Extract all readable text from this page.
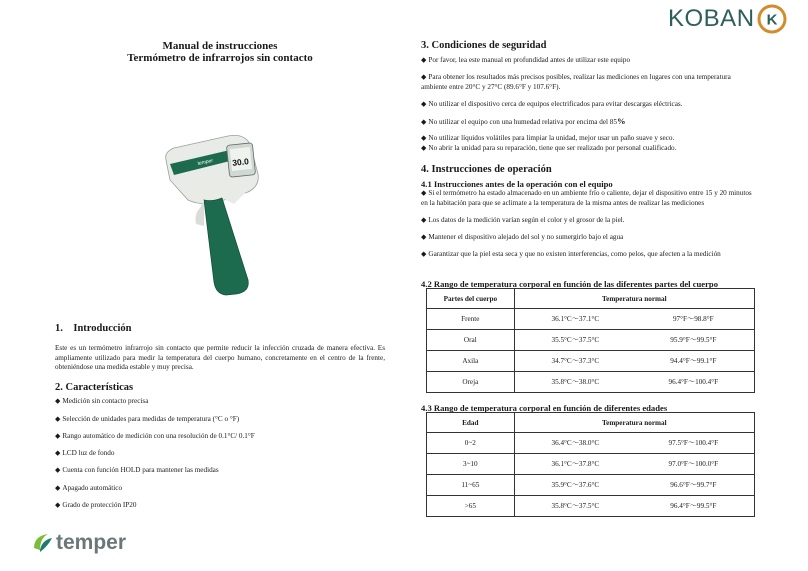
KOBAN K
Manual de instrucciones
Termómetro de infrarrojos sin contacto
temper 30.0
1.    Introducción

Este es un termómetro infrarrojo sin contacto que permite reducir la infección cruzada de manera efectiva. Es ampliamente utilizado para medir la temperatura del cuerpo humano, concretamente en el centro de la frente, obteniéndose una medida estable y muy precisa.

2. Características
◆ Medición sin contacto precisa
◆ Selección de unidades para medidas de temperatura (°C o °F)
◆ Rango automático de medición con una resolución de 0.1°C/ 0.1°F
◆ LCD luz de fondo
◆ Cuenta con función HOLD para mantener las medidas
◆ Apagado automático
◆ Grado de protección IP20
temper
3. Condiciones de seguridad
◆ Por favor, lea este manual en profundidad antes de utilizar este equipo
◆ Para obtener los resultados más precisos posibles, realizar las mediciones en lugares con una temperatura
ambiente entre 20°C y 27°C (89.6°F y 107.6°F).
◆ No utilizar el dispositivo cerca de equipos electrificados para evitar descargas eléctricas.
◆ No utilizar el equipo con una humedad relativa por encima del 85%
◆ No utilizar líquidos volátiles para limpiar la unidad, mejor usar un paño suave y seco.
◆ No abrir la unidad para su reparación, tiene que ser realizado por personal cualificado.
4. Instrucciones de operación
4.1 Instrucciones antes de la operación con el equipo
◆ Si el termómetro ha estado almacenado en un ambiente frío o caliente, dejar el dispositivo entre 15 y 20 minutos
en la habitación para que se aclimate a la temperatura de la misma antes de realizar las mediciones
◆ Los datos de la medición varían según el color y el grosor de la piel.
◆ Mantener el dispositivo alejado del sol y no sumergirlo bajo el agua
◆ Garantizar que la piel esta seca y que no existen interferencias, como pelos, que afecten a la medición
4.2 Rango de temperatura corporal en función de las diferentes partes del cuerpo
Partes del cuerpo	Temperatura normal
Frente	36.1°C～37.1°C 97°F～98.8°F
Oral	35.5°C～37.5°C 95.9°F～99.5°F
Axila	34.7°C～37.3°C 94.4°F～99.1°F
Oreja	35.8°C～38.0°C 96.4°F～100.4°F
4.3 Rango de temperatura corporal en función de diferentes edades
Edad	Temperatura normal
0~2	36.4°C～38.0°C 97.5°F～100.4°F
3~10	36.1°C～37.8°C 97.0°F～100.0°F
11~65	35.9°C～37.6°C 96.6°F～99.7°F
>65	35.8°C～37.5°C 96.4°F～99.5°F
